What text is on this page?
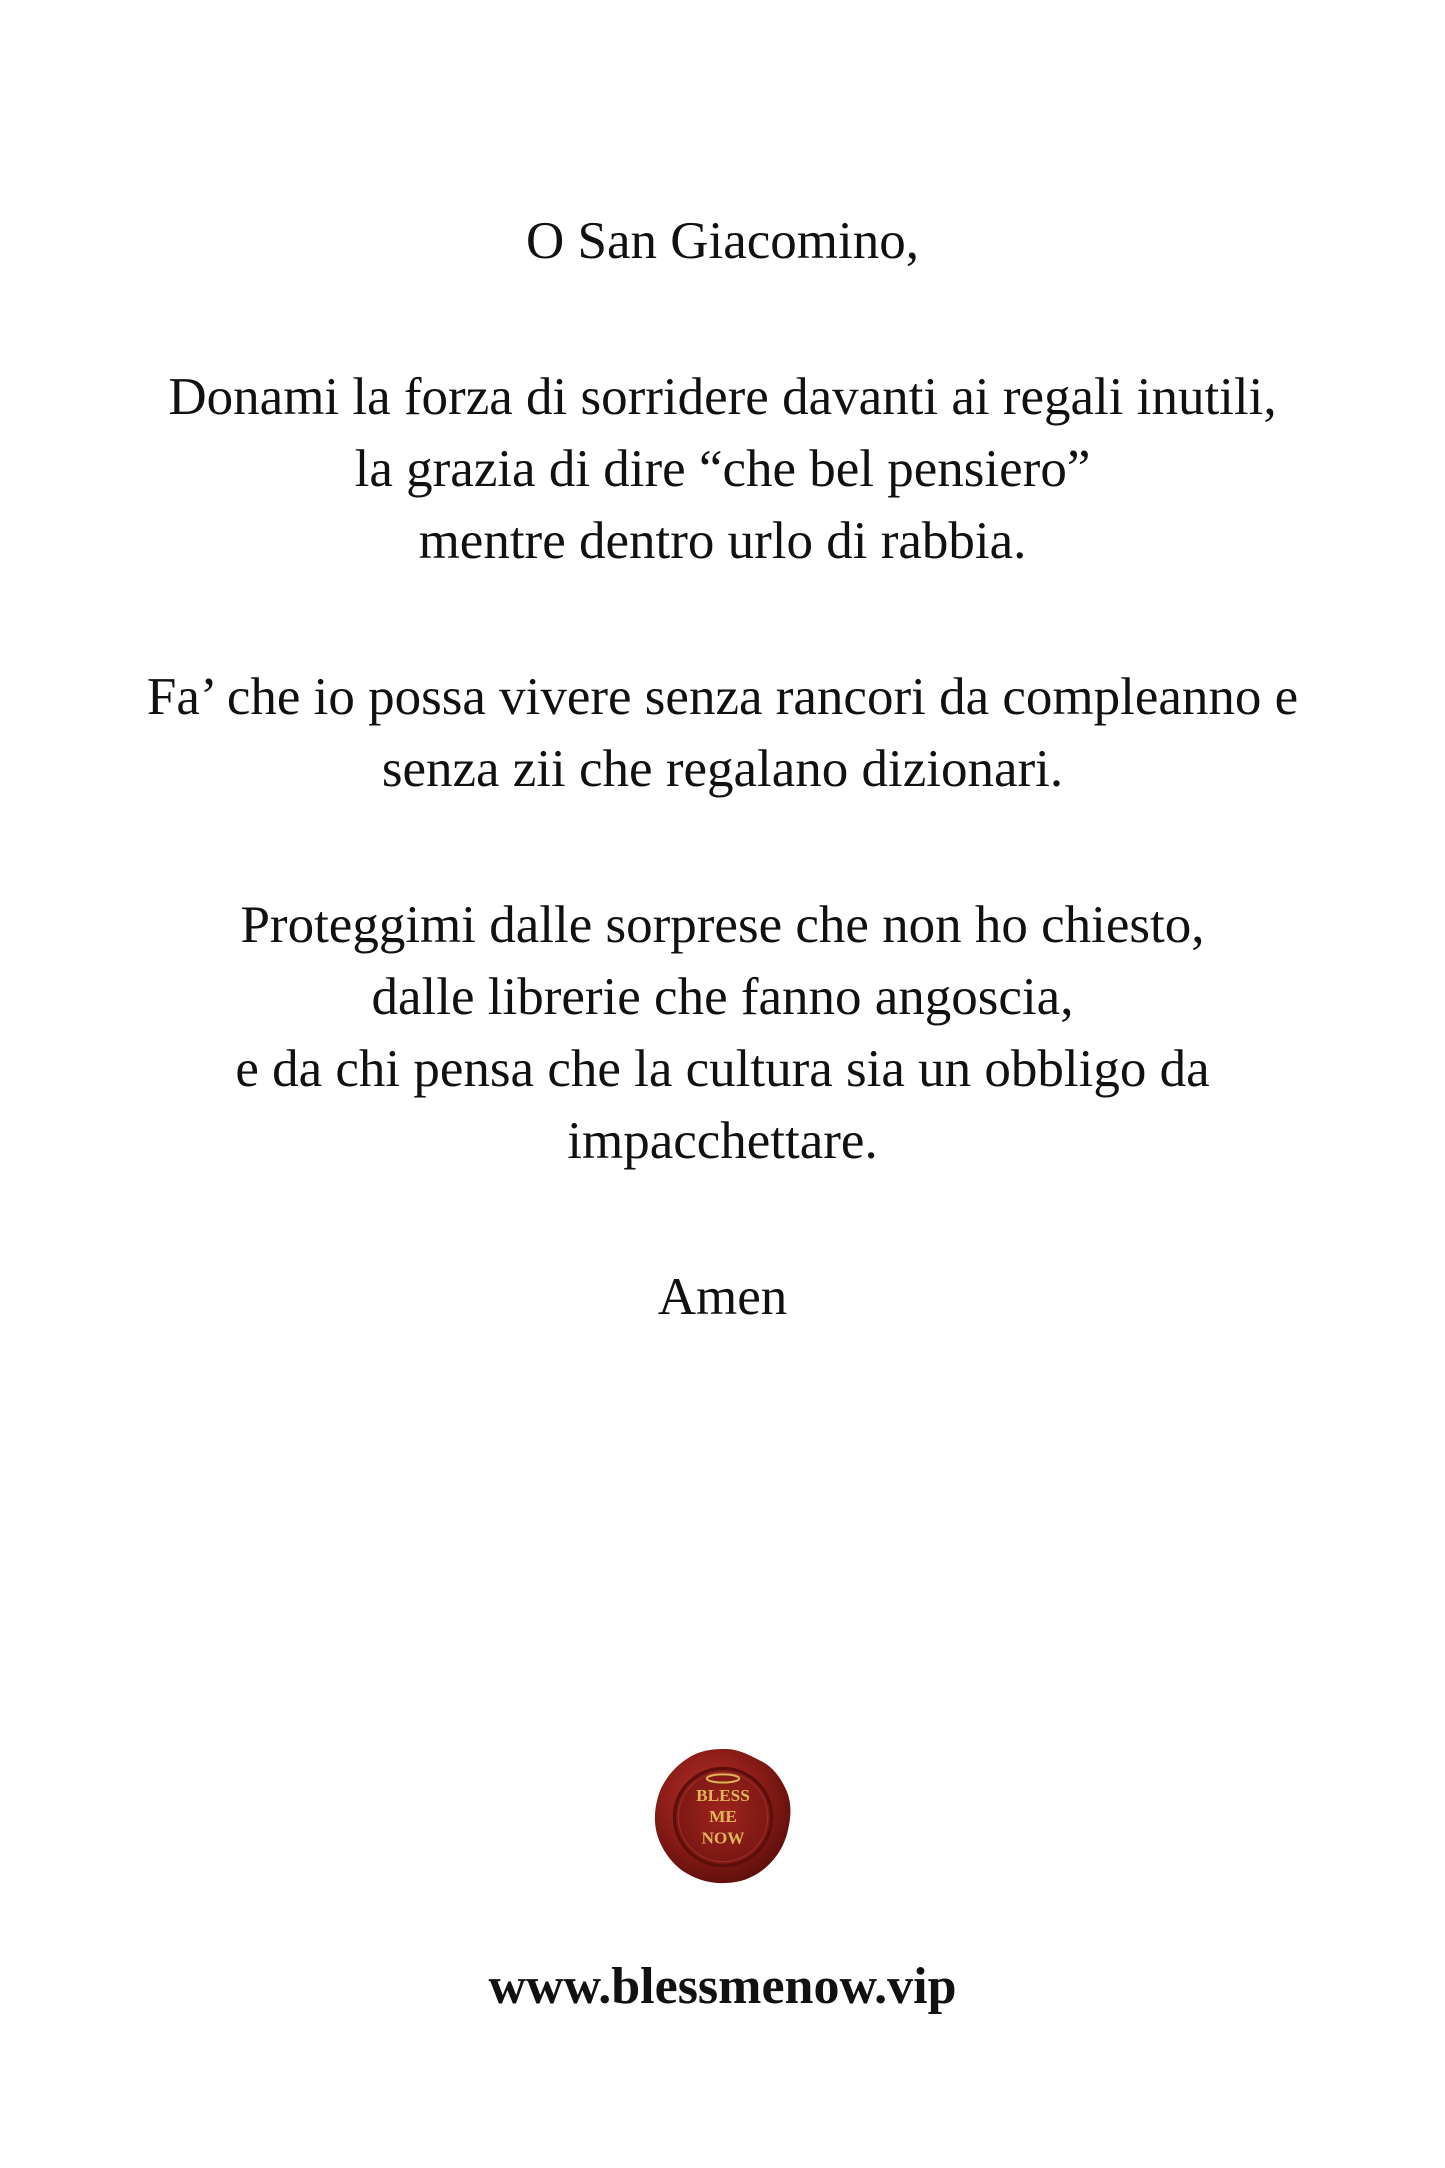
O San Giacomino,

Donami la forza di sorridere davanti ai regali inutili,
la grazia di dire “che bel pensiero”
mentre dentro urlo di rabbia.

Fa’ che io possa vivere senza rancori da compleanno e
senza zii che regalano dizionari.

Proteggimi dalle sorprese che non ho chiesto,
dalle librerie che fanno angoscia,
e da chi pensa che la cultura sia un obbligo da
impacchettare.

Amen

BLESS
ME
NOW
www.blessmenow.vip
